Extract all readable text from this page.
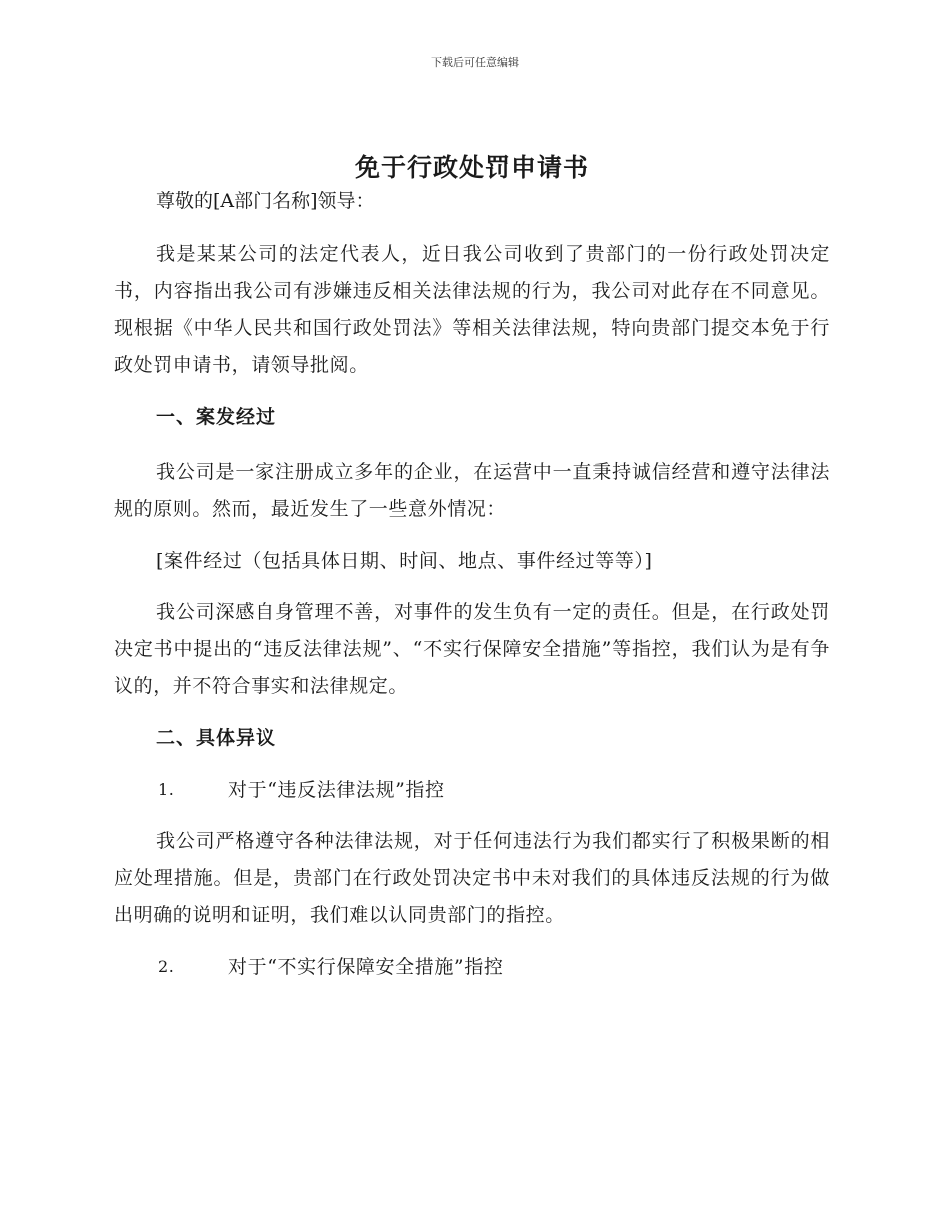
下载后可任意编辑
免于行政处罚申请书

尊敬的[A部门名称]领导：

我是某某公司的法定代表人，近日我公司收到了贵部门的一份行政处罚决定书，内容指出我公司有涉嫌违反相关法律法规的行为，我公司对此存在不同意见。现根据《中华人民共和国行政处罚法》等相关法律法规，特向贵部门提交本免于行政处罚申请书，请领导批阅。

一、案发经过

我公司是一家注册成立多年的企业，在运营中一直秉持诚信经营和遵守法律法规的原则。然而，最近发生了一些意外情况：

[案件经过（包括具体日期、时间、地点、事件经过等等）]

我公司深感自身管理不善，对事件的发生负有一定的责任。但是，在行政处罚决定书中提出的“违反法律法规”、“不实行保障安全措施”等指控，我们认为是有争议的，并不符合事实和法律规定。

二、具体异议

1.	对于“违反法律法规”指控

我公司严格遵守各种法律法规，对于任何违法行为我们都实行了积极果断的相应处理措施。但是，贵部门在行政处罚决定书中未对我们的具体违反法规的行为做出明确的说明和证明，我们难以认同贵部门的指控。

2.	对于“不实行保障安全措施”指控
